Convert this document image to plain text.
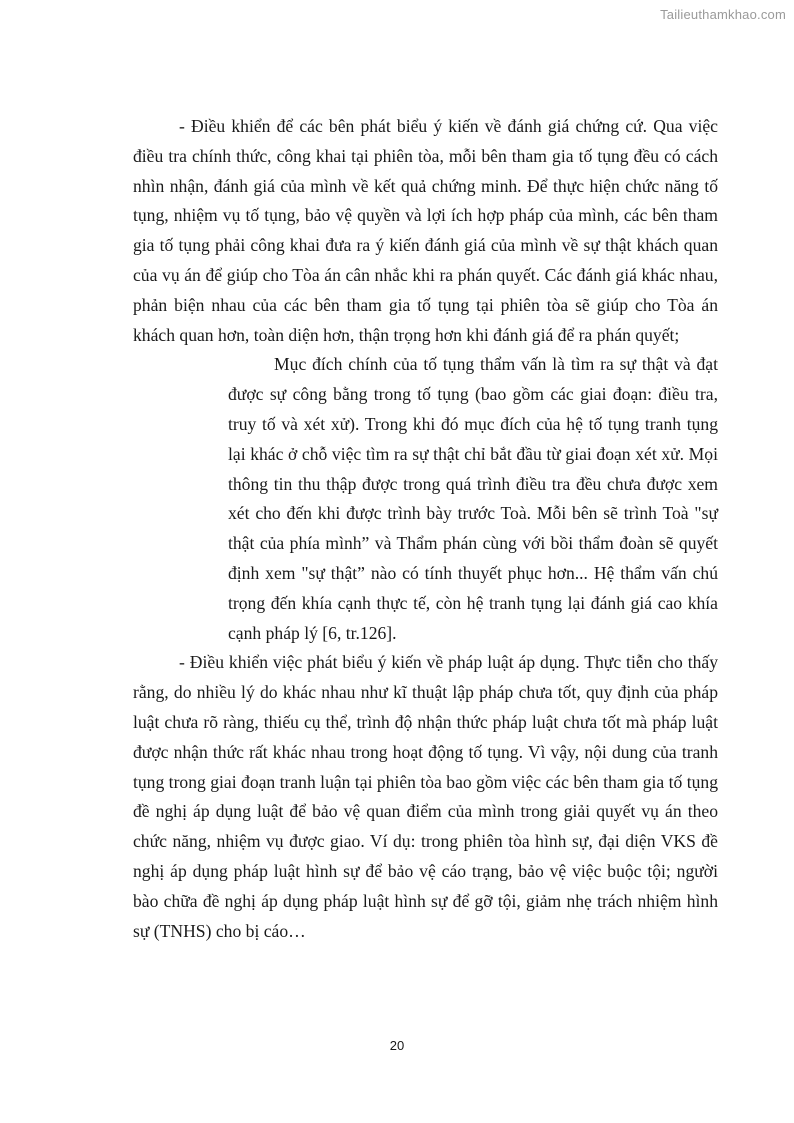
Tailieuthamkhao.com

- Điều khiển để các bên phát biểu ý kiến về đánh giá chứng cứ. Qua việc điều tra chính thức, công khai tại phiên tòa, mỗi bên tham gia tố tụng đều có cách nhìn nhận, đánh giá của mình về kết quả chứng minh. Để thực hiện chức năng tố tụng, nhiệm vụ tố tụng, bảo vệ quyền và lợi ích hợp pháp của mình, các bên tham gia tố tụng phải công khai đưa ra ý kiến đánh giá của mình về sự thật khách quan của vụ án để giúp cho Tòa án cân nhắc khi ra phán quyết. Các đánh giá khác nhau, phản biện nhau của các bên tham gia tố tụng tại phiên tòa sẽ giúp cho Tòa án khách quan hơn, toàn diện hơn, thận trọng hơn khi đánh giá để ra phán quyết;

Mục đích chính của tố tụng thẩm vấn là tìm ra sự thật và đạt được sự công bằng trong tố tụng (bao gồm các giai đoạn: điều tra, truy tố và xét xử). Trong khi đó mục đích của hệ tố tụng tranh tụng lại khác ở chỗ việc tìm ra sự thật chỉ bắt đầu từ giai đoạn xét xử. Mọi thông tin thu thập được trong quá trình điều tra đều chưa được xem xét cho đến khi được trình bày trước Toà. Mỗi bên sẽ trình Toà "sự thật của phía mình” và Thẩm phán cùng với bồi thẩm đoàn sẽ quyết định xem "sự thật” nào có tính thuyết phục hơn... Hệ thẩm vấn chú trọng đến khía cạnh thực tế, còn hệ tranh tụng lại đánh giá cao khía cạnh pháp lý [6, tr.126].

- Điều khiển việc phát biểu ý kiến về pháp luật áp dụng. Thực tiễn cho thấy rằng, do nhiều lý do khác nhau như kĩ thuật lập pháp chưa tốt, quy định của pháp luật chưa rõ ràng, thiếu cụ thể, trình độ nhận thức pháp luật chưa tốt mà pháp luật được nhận thức rất khác nhau trong hoạt động tố tụng. Vì vậy, nội dung của tranh tụng trong giai đoạn tranh luận tại phiên tòa bao gồm việc các bên tham gia tố tụng đề nghị áp dụng luật để bảo vệ quan điểm của mình trong giải quyết vụ án theo chức năng, nhiệm vụ được giao. Ví dụ: trong phiên tòa hình sự, đại diện VKS đề nghị áp dụng pháp luật hình sự để bảo vệ cáo trạng, bảo vệ việc buộc tội; người bào chữa đề nghị áp dụng pháp luật hình sự để gỡ tội, giảm nhẹ trách nhiệm hình sự (TNHS) cho bị cáo…

20
